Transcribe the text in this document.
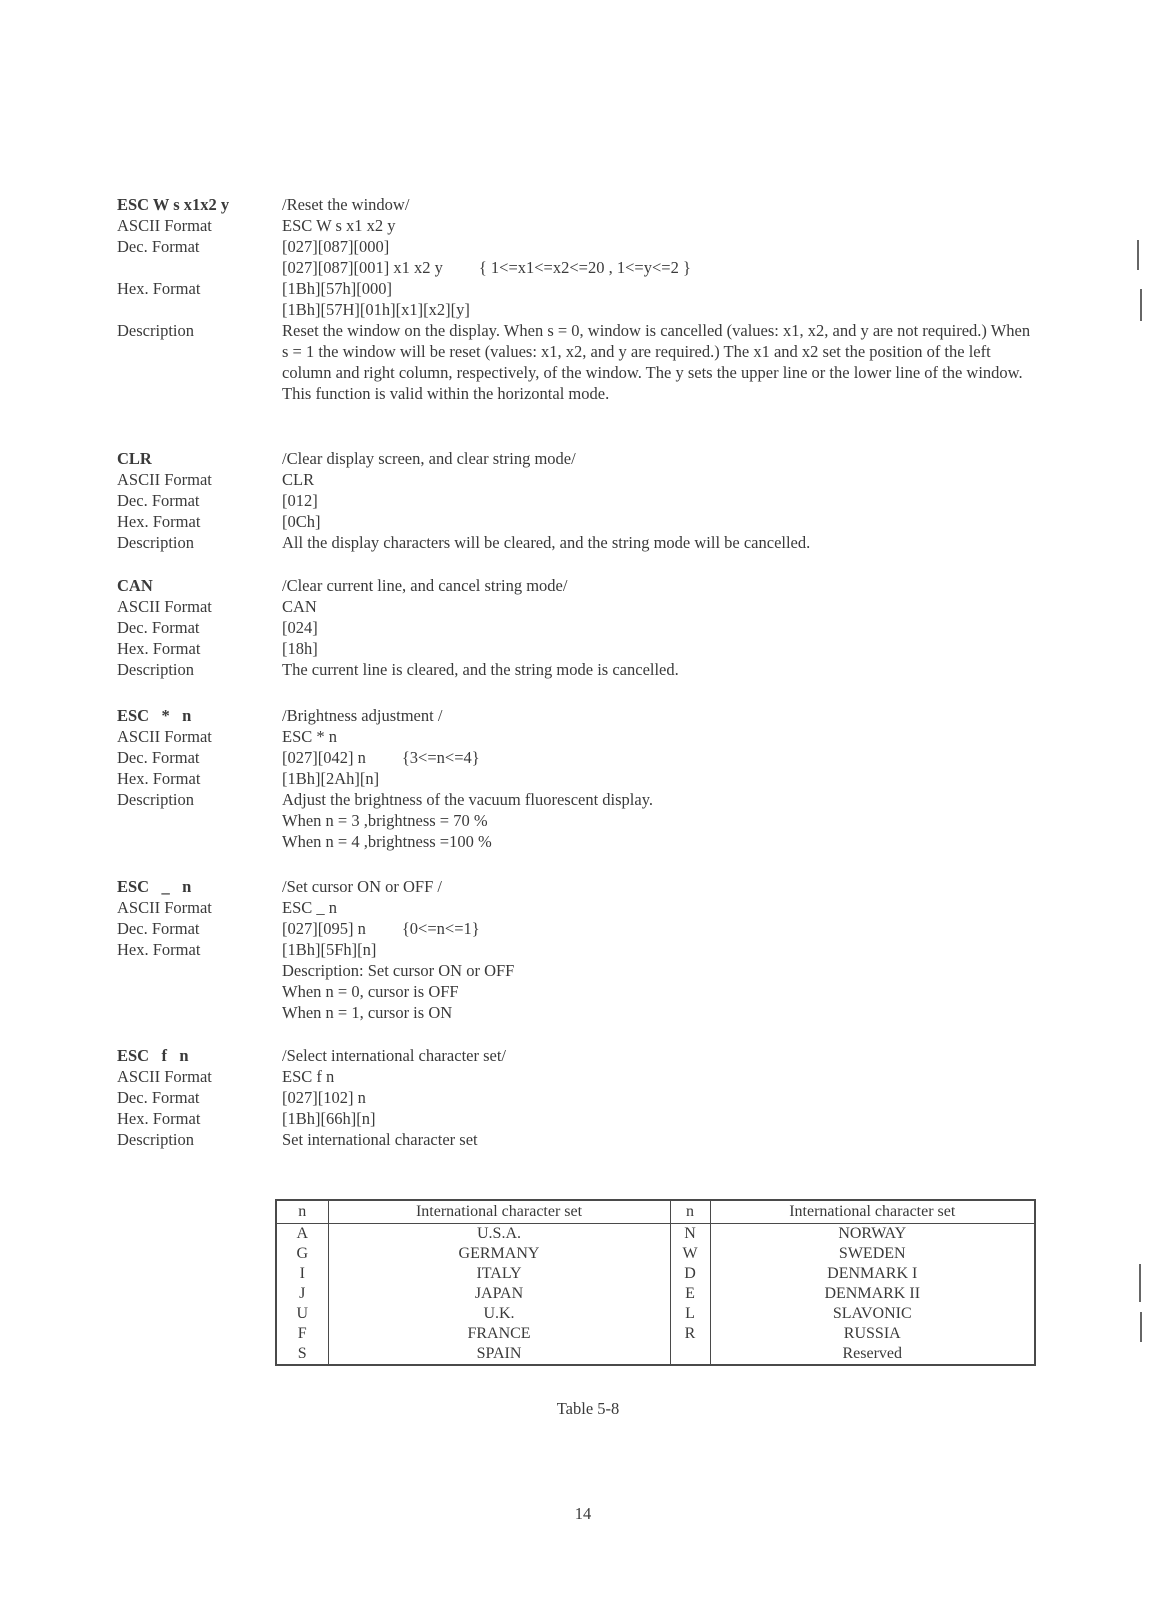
ESC W s x1x2 y	/Reset the window/
ASCII Format	ESC W s x1 x2 y
Dec. Format	[027][087][000]
[027][087][001] x1 x2 y { 1<=x1<=x2<=20 , 1<=y<=2 }
Hex. Format	[1Bh][57h][000]
[1Bh][57H][01h][x1][x2][y]
Description	Reset the window on the display. When s = 0, window is cancelled (values: x1, x2, and y are not required.) When s = 1 the window will be reset (values: x1, x2, and y are required.) The x1 and x2 set the position of the left column and right column, respectively, of the window. The y sets the upper line or the lower line of the window. This function is valid within the horizontal mode.
CLR	/Clear display screen, and clear string mode/
ASCII Format	CLR
Dec. Format	[012]
Hex. Format	[0Ch]
Description	All the display characters will be cleared, and the string mode will be cancelled.
CAN	/Clear current line, and cancel string mode/
ASCII Format	CAN
Dec. Format	[024]
Hex. Format	[18h]
Description	The current line is cleared, and the string mode is cancelled.
ESC   *   n	/Brightness adjustment /
ASCII Format	ESC * n
Dec. Format	[027][042] n {3<=n<=4}
Hex. Format	[1Bh][2Ah][n]
Description	Adjust the brightness of the vacuum fluorescent display.
When n = 3 ,brightness = 70 %
When n = 4 ,brightness =100 %
ESC   _   n	/Set cursor ON or OFF /
ASCII Format	ESC _ n
Dec. Format	[027][095] n {0<=n<=1}
Hex. Format	[1Bh][5Fh][n]
Description: Set cursor ON or OFF
When n = 0, cursor is OFF
When n = 1, cursor is ON
ESC   f   n	/Select international character set/
ASCII Format	ESC f n
Dec. Format	[027][102] n
Hex. Format	[1Bh][66h][n]
Description	Set international character set
n	International character set	n	International character set
A	U.S.A.	N	NORWAY
G	GERMANY	W	SWEDEN
I	ITALY	D	DENMARK I
J	JAPAN	E	DENMARK II
U	U.K.	L	SLAVONIC
F	FRANCE	R	RUSSIA
S	SPAIN		Reserved
Table 5-8
14
